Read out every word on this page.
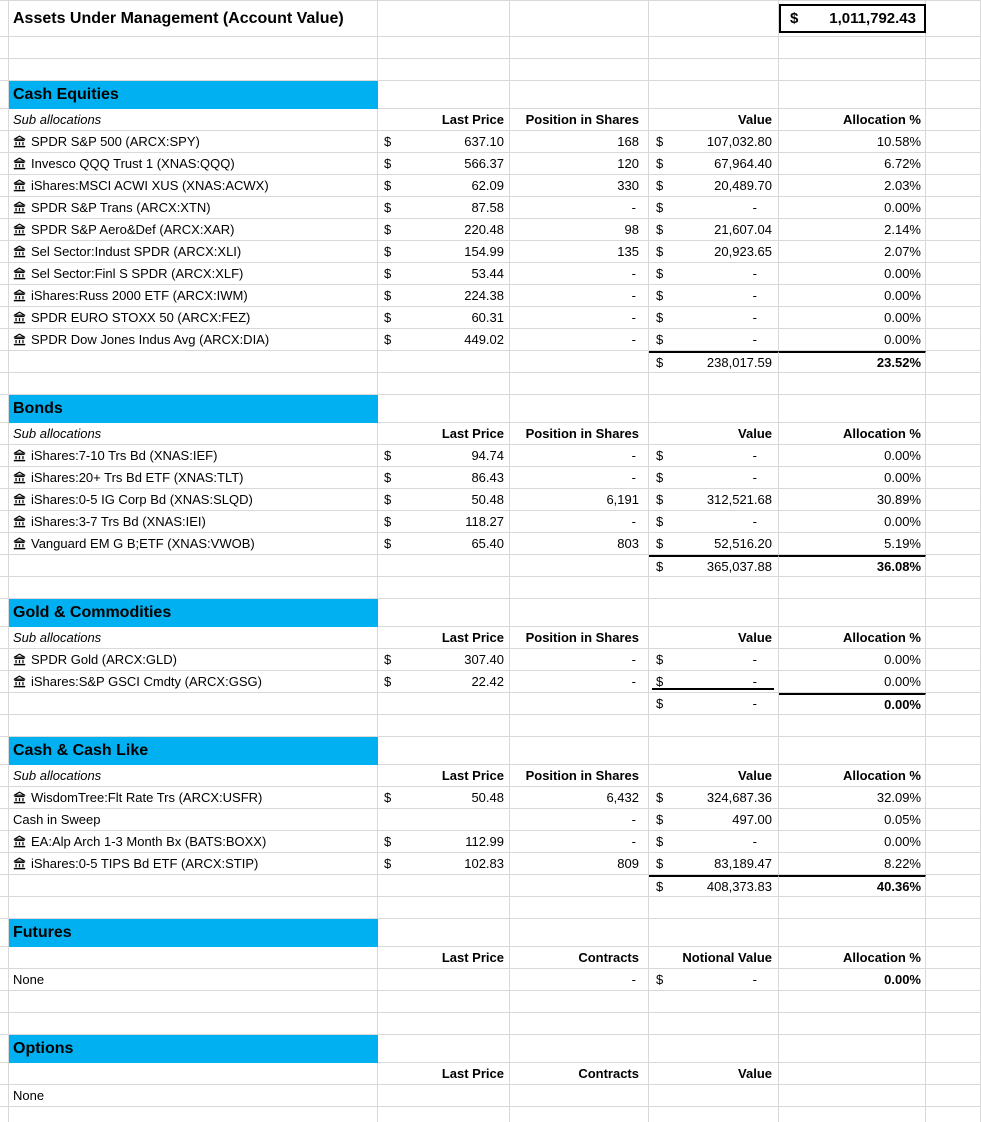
Assets Under Management (Account Value)	$ 1,011,792.43
Cash Equities
Sub allocations	Last Price	Position in Shares	Value	Allocation %
SPDR S&P 500 (ARCX:SPY)	$	637.10	168 $	107,032.80	10.58%
Invesco QQQ Trust 1 (XNAS:QQQ)	$	566.37	120 $	67,964.40	6.72%
iShares:MSCI ACWI XUS (XNAS:ACWX)	$	62.09	330 $	20,489.70	2.03%
SPDR S&P Trans (ARCX:XTN)	$	87.58	- $	-	0.00%
SPDR S&P Aero&Def (ARCX:XAR)	$	220.48	98 $	21,607.04	2.14%
Sel Sector:Indust SPDR (ARCX:XLI)	$	154.99	135 $	20,923.65	2.07%
Sel Sector:Finl S SPDR (ARCX:XLF)	$	53.44	- $	-	0.00%
iShares:Russ 2000 ETF (ARCX:IWM)	$	224.38	- $	-	0.00%
SPDR EURO STOXX 50 (ARCX:FEZ)	$	60.31	- $	-	0.00%
SPDR Dow Jones Indus Avg (ARCX:DIA)	$	449.02	- $	-	0.00%
$	238,017.59	23.52%
Bonds
Sub allocations	Last Price	Position in Shares	Value	Allocation %
iShares:7-10 Trs Bd (XNAS:IEF)	$	94.74	- $	-	0.00%
iShares:20+ Trs Bd ETF (XNAS:TLT)	$	86.43	- $	-	0.00%
iShares:0-5 IG Corp Bd (XNAS:SLQD)	$	50.48	6,191 $	312,521.68	30.89%
iShares:3-7 Trs Bd (XNAS:IEI)	$	118.27	- $	-	0.00%
Vanguard EM G B;ETF (XNAS:VWOB)	$	65.40	803 $	52,516.20	5.19%
$	365,037.88	36.08%
Gold & Commodities
Sub allocations	Last Price	Position in Shares	Value	Allocation %
SPDR Gold (ARCX:GLD)	$	307.40	- $	-	0.00%
iShares:S&P GSCI Cmdty (ARCX:GSG)	$	22.42	- $	-	0.00%
$	-	0.00%
Cash & Cash Like
Sub allocations	Last Price	Position in Shares	Value	Allocation %
WisdomTree:Flt Rate Trs (ARCX:USFR)	$	50.48	6,432 $	324,687.36	32.09%
Cash in Sweep	- $	497.00	0.05%
EA:Alp Arch 1-3 Month Bx (BATS:BOXX)	$	112.99	- $	-	0.00%
iShares:0-5 TIPS Bd ETF (ARCX:STIP)	$	102.83	809 $	83,189.47	8.22%
$	408,373.83	40.36%
Futures
Last Price	Contracts	Notional Value	Allocation %
None	- $	-	0.00%
Options
Last Price	Contracts	Value
None
